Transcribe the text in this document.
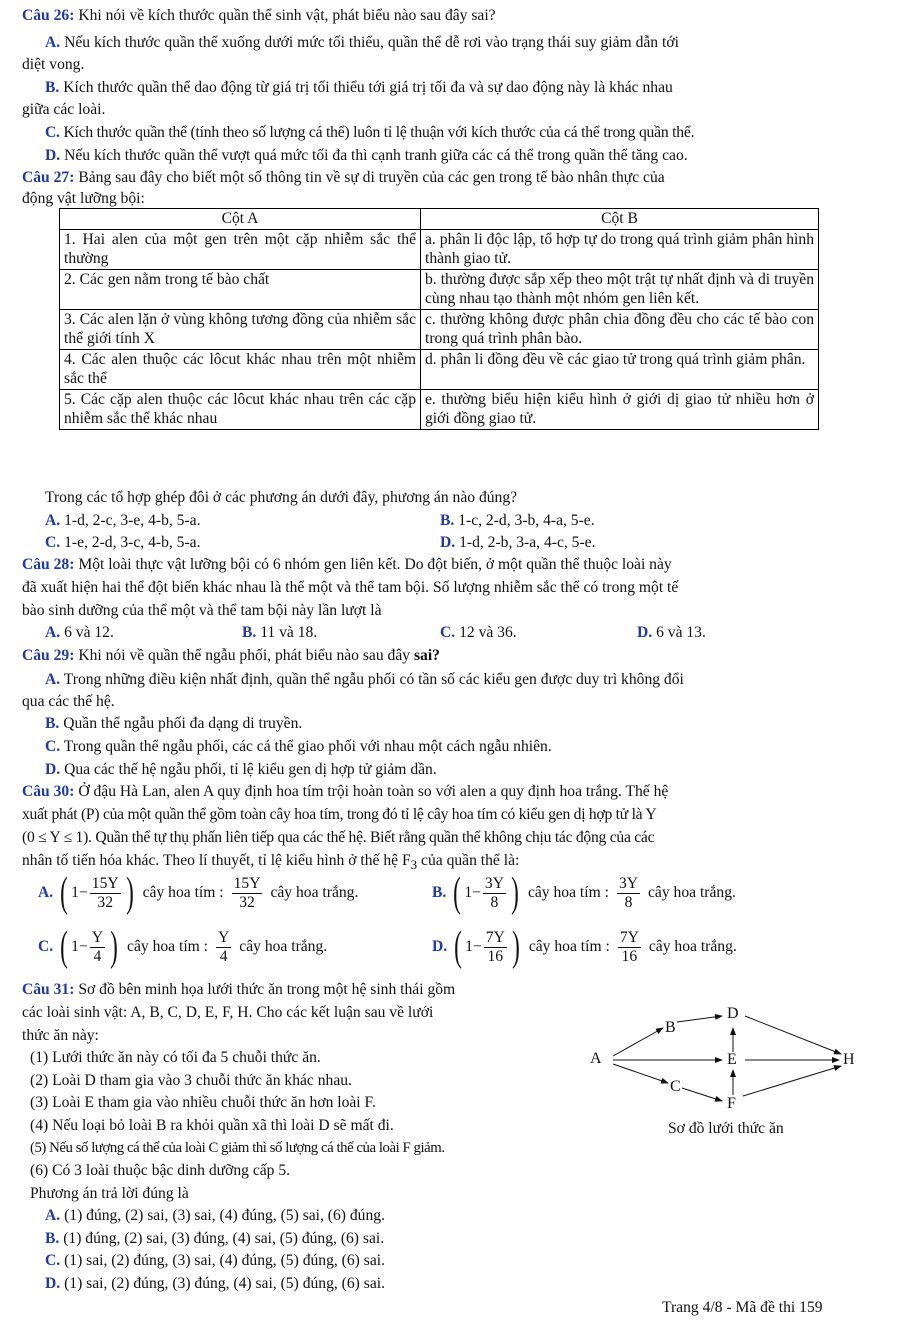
Câu 26: Khi nói về kích thước quần thể sinh vật, phát biểu nào sau đây sai?
A. Nếu kích thước quần thể xuống dưới mức tối thiểu, quần thể dễ rơi vào trạng thái suy giảm dẫn tới
diệt vong.
B. Kích thước quần thể dao động từ giá trị tối thiểu tới giá trị tối đa và sự dao động này là khác nhau
giữa các loài.
C. Kích thước quần thể (tính theo số lượng cá thể) luôn tỉ lệ thuận với kích thước của cá thể trong quần thể.
D. Nếu kích thước quần thể vượt quá mức tối đa thì cạnh tranh giữa các cá thể trong quần thể tăng cao.
Câu 27: Bảng sau đây cho biết một số thông tin về sự di truyền của các gen trong tế bào nhân thực của
động vật lưỡng bội:
Cột A	Cột B
1. Hai alen của một gen trên một cặp nhiễm sắc thể thường	a. phân li độc lập, tổ hợp tự do trong quá trình giảm phân hình thành giao tử.
2. Các gen nằm trong tế bào chất	b. thường được sắp xếp theo một trật tự nhất định và di truyền cùng nhau tạo thành một nhóm gen liên kết.
3. Các alen lặn ở vùng không tương đồng của nhiễm sắc thể giới tính X	c. thường không được phân chia đồng đều cho các tế bào con trong quá trình phân bào.
4. Các alen thuộc các lôcut khác nhau trên một nhiễm sắc thể	d. phân li đồng đều về các giao tử trong quá trình giảm phân.
5. Các cặp alen thuộc các lôcut khác nhau trên các cặp nhiễm sắc thể khác nhau	e. thường biểu hiện kiểu hình ở giới dị giao tử nhiều hơn ở giới đồng giao tử.
Trong các tổ hợp ghép đôi ở các phương án dưới đây, phương án nào đúng?
A. 1-d, 2-c, 3-e, 4-b, 5-a.	B. 1-c, 2-d, 3-b, 4-a, 5-e.
C. 1-e, 2-d, 3-c, 4-b, 5-a.	D. 1-d, 2-b, 3-a, 4-c, 5-e.
Câu 28: Một loài thực vật lưỡng bội có 6 nhóm gen liên kết. Do đột biến, ở một quần thể thuộc loài này
đã xuất hiện hai thể đột biến khác nhau là thể một và thể tam bội. Số lượng nhiễm sắc thể có trong một tế
bào sinh dưỡng của thể một và thể tam bội này lần lượt là
A. 6 và 12.	B. 11 và 18.	C. 12 và 36.	D. 6 và 13.
Câu 29: Khi nói về quần thể ngẫu phối, phát biểu nào sau đây sai?
A. Trong những điều kiện nhất định, quần thể ngẫu phối có tần số các kiểu gen được duy trì không đổi
qua các thế hệ.
B. Quần thể ngẫu phối đa dạng di truyền.
C. Trong quần thể ngẫu phối, các cá thể giao phối với nhau một cách ngẫu nhiên.
D. Qua các thế hệ ngẫu phối, tỉ lệ kiểu gen dị hợp tử giảm dần.
Câu 30: Ở đậu Hà Lan, alen A quy định hoa tím trội hoàn toàn so với alen a quy định hoa trắng. Thế hệ
xuất phát (P) của một quần thể gồm toàn cây hoa tím, trong đó tỉ lệ cây hoa tím có kiểu gen dị hợp tử là Y
(0 ≤ Y ≤ 1). Quần thể tự thụ phấn liên tiếp qua các thế hệ. Biết rằng quần thể không chịu tác động của các
nhân tố tiến hóa khác. Theo lí thuyết, tỉ lệ kiểu hình ở thế hệ $F_3$ của quần thể là:
A. ( $1 - \frac{15Y}{32}$ ) cây hoa tím : $\frac{15Y}{32}$ cây hoa trắng.	B. ( $1 - \frac{3Y}{8}$ ) cây hoa tím : $\frac{3Y}{8}$ cây hoa trắng.
C. ( $1 - \frac{Y}{4}$ ) cây hoa tím : $\frac{Y}{4}$ cây hoa trắng.	D. ( $1 - \frac{7Y}{16}$ ) cây hoa tím : $\frac{7Y}{16}$ cây hoa trắng.
Câu 31: Sơ đồ bên minh họa lưới thức ăn trong một hệ sinh thái gồm
các loài sinh vật: A, B, C, D, E, F, H. Cho các kết luận sau về lưới
thức ăn này:
(1) Lưới thức ăn này có tối đa 5 chuỗi thức ăn.
(2) Loài D tham gia vào 3 chuỗi thức ăn khác nhau.
(3) Loài E tham gia vào nhiều chuỗi thức ăn hơn loài F.
(4) Nếu loại bỏ loài B ra khỏi quần xã thì loài D sẽ mất đi.
(5) Nếu số lượng cá thể của loài C giảm thì số lượng cá thể của loài F giảm.
(6) Có 3 loài thuộc bậc dinh dưỡng cấp 5.
Phương án trả lời đúng là
A. (1) đúng, (2) sai, (3) sai, (4) đúng, (5) sai, (6) đúng.
B. (1) đúng, (2) sai, (3) đúng, (4) sai, (5) đúng, (6) sai.
C. (1) sai, (2) đúng, (3) sai, (4) đúng, (5) đúng, (6) sai.
D. (1) sai, (2) đúng, (3) đúng, (4) sai, (5) đúng, (6) sai.
A
B
C
D
E
F
H
Sơ đồ lưới thức ăn
Trang 4/8 - Mã đề thi 159
